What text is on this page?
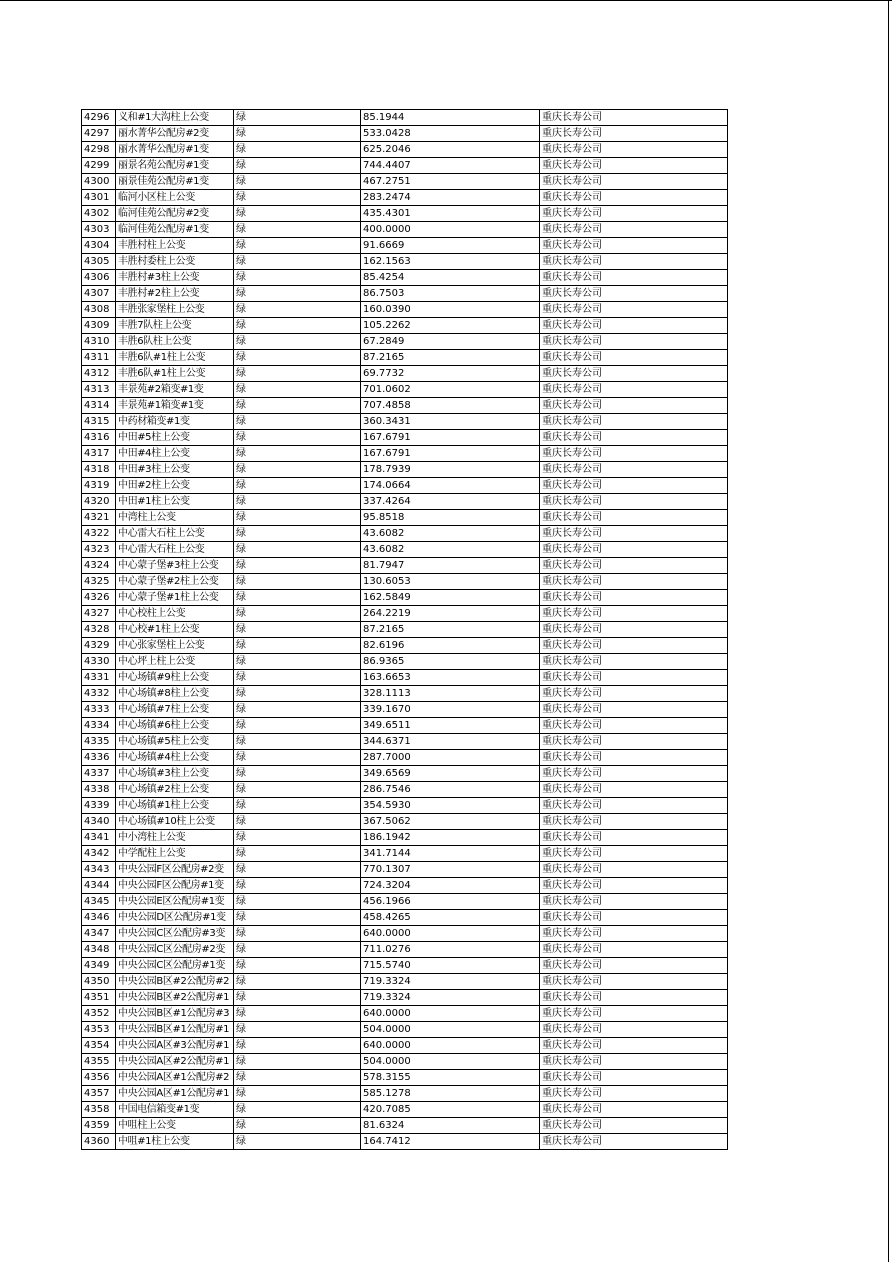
4296	义和#1大沟柱上公变	绿	85.1944	重庆长寿公司
4297	丽水菁华公配房#2变	绿	533.0428	重庆长寿公司
4298	丽水菁华公配房#1变	绿	625.2046	重庆长寿公司
4299	丽景名苑公配房#1变	绿	744.4407	重庆长寿公司
4300	丽景佳苑公配房#1变	绿	467.2751	重庆长寿公司
4301	临河小区柱上公变	绿	283.2474	重庆长寿公司
4302	临河佳苑公配房#2变	绿	435.4301	重庆长寿公司
4303	临河佳苑公配房#1变	绿	400.0000	重庆长寿公司
4304	丰胜村柱上公变	绿	91.6669	重庆长寿公司
4305	丰胜村委柱上公变	绿	162.1563	重庆长寿公司
4306	丰胜村#3柱上公变	绿	85.4254	重庆长寿公司
4307	丰胜村#2柱上公变	绿	86.7503	重庆长寿公司
4308	丰胜张家堡柱上公变	绿	160.0390	重庆长寿公司
4309	丰胜7队柱上公变	绿	105.2262	重庆长寿公司
4310	丰胜6队柱上公变	绿	67.2849	重庆长寿公司
4311	丰胜6队#1柱上公变	绿	87.2165	重庆长寿公司
4312	丰胜6队#1柱上公变	绿	69.7732	重庆长寿公司
4313	丰景苑#2箱变#1变	绿	701.0602	重庆长寿公司
4314	丰景苑#1箱变#1变	绿	707.4858	重庆长寿公司
4315	中药材箱变#1变	绿	360.3431	重庆长寿公司
4316	中田#5柱上公变	绿	167.6791	重庆长寿公司
4317	中田#4柱上公变	绿	167.6791	重庆长寿公司
4318	中田#3柱上公变	绿	178.7939	重庆长寿公司
4319	中田#2柱上公变	绿	174.0664	重庆长寿公司
4320	中田#1柱上公变	绿	337.4264	重庆长寿公司
4321	中湾柱上公变	绿	95.8518	重庆长寿公司
4322	中心雷大石柱上公变	绿	43.6082	重庆长寿公司
4323	中心雷大石柱上公变	绿	43.6082	重庆长寿公司
4324	中心蒙子堡#3柱上公变	绿	81.7947	重庆长寿公司
4325	中心蒙子堡#2柱上公变	绿	130.6053	重庆长寿公司
4326	中心蒙子堡#1柱上公变	绿	162.5849	重庆长寿公司
4327	中心校柱上公变	绿	264.2219	重庆长寿公司
4328	中心校#1柱上公变	绿	87.2165	重庆长寿公司
4329	中心张家堡柱上公变	绿	82.6196	重庆长寿公司
4330	中心坪上柱上公变	绿	86.9365	重庆长寿公司
4331	中心场镇#9柱上公变	绿	163.6653	重庆长寿公司
4332	中心场镇#8柱上公变	绿	328.1113	重庆长寿公司
4333	中心场镇#7柱上公变	绿	339.1670	重庆长寿公司
4334	中心场镇#6柱上公变	绿	349.6511	重庆长寿公司
4335	中心场镇#5柱上公变	绿	344.6371	重庆长寿公司
4336	中心场镇#4柱上公变	绿	287.7000	重庆长寿公司
4337	中心场镇#3柱上公变	绿	349.6569	重庆长寿公司
4338	中心场镇#2柱上公变	绿	286.7546	重庆长寿公司
4339	中心场镇#1柱上公变	绿	354.5930	重庆长寿公司
4340	中心场镇#10柱上公变	绿	367.5062	重庆长寿公司
4341	中小湾柱上公变	绿	186.1942	重庆长寿公司
4342	中学配柱上公变	绿	341.7144	重庆长寿公司
4343	中央公园F区公配房#2变	绿	770.1307	重庆长寿公司
4344	中央公园F区公配房#1变	绿	724.3204	重庆长寿公司
4345	中央公园E区公配房#1变	绿	456.1966	重庆长寿公司
4346	中央公园D区公配房#1变	绿	458.4265	重庆长寿公司
4347	中央公园C区公配房#3变	绿	640.0000	重庆长寿公司
4348	中央公园C区公配房#2变	绿	711.0276	重庆长寿公司
4349	中央公园C区公配房#1变	绿	715.5740	重庆长寿公司
4350	中央公园B区#2公配房#2	绿	719.3324	重庆长寿公司
4351	中央公园B区#2公配房#1	绿	719.3324	重庆长寿公司
4352	中央公园B区#1公配房#3	绿	640.0000	重庆长寿公司
4353	中央公园B区#1公配房#1	绿	504.0000	重庆长寿公司
4354	中央公园A区#3公配房#1	绿	640.0000	重庆长寿公司
4355	中央公园A区#2公配房#1	绿	504.0000	重庆长寿公司
4356	中央公园A区#1公配房#2	绿	578.3155	重庆长寿公司
4357	中央公园A区#1公配房#1	绿	585.1278	重庆长寿公司
4358	中国电信箱变#1变	绿	420.7085	重庆长寿公司
4359	中咀柱上公变	绿	81.6324	重庆长寿公司
4360	中咀#1柱上公变	绿	164.7412	重庆长寿公司
